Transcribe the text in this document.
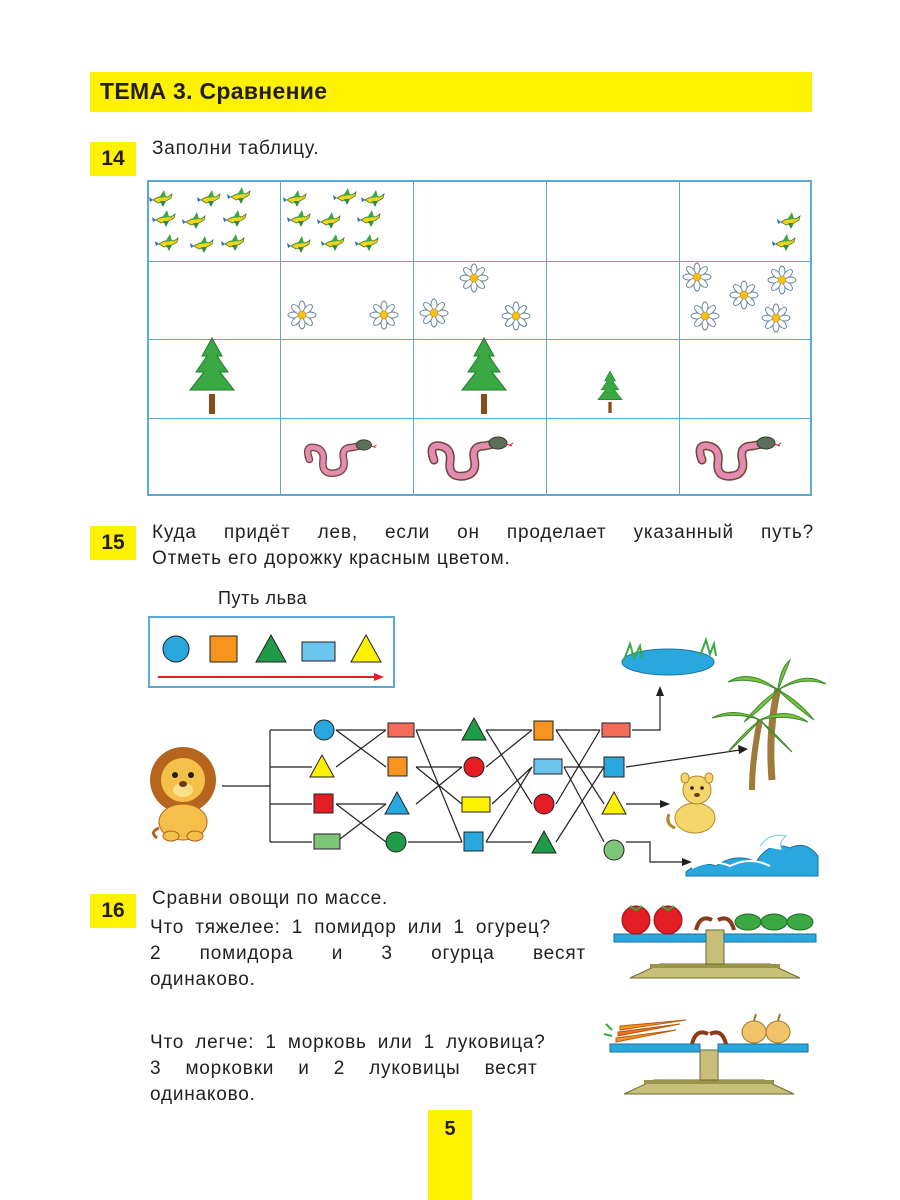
ТЕМА 3. Сравнение
14	Заполни таблицу.
15	Куда придёт лев, если он проделает указанный путь?
Отметь его дорожку красным цветом.
Путь льва
16
Сравни овощи по массе.
Что тяжелее: 1 помидор или 1 огурец?
2 помидора и 3 огурца весят
одинаково.
Что легче: 1 морковь или 1 луковица?
3 морковки и 2 луковицы весят
одинаково.
5
